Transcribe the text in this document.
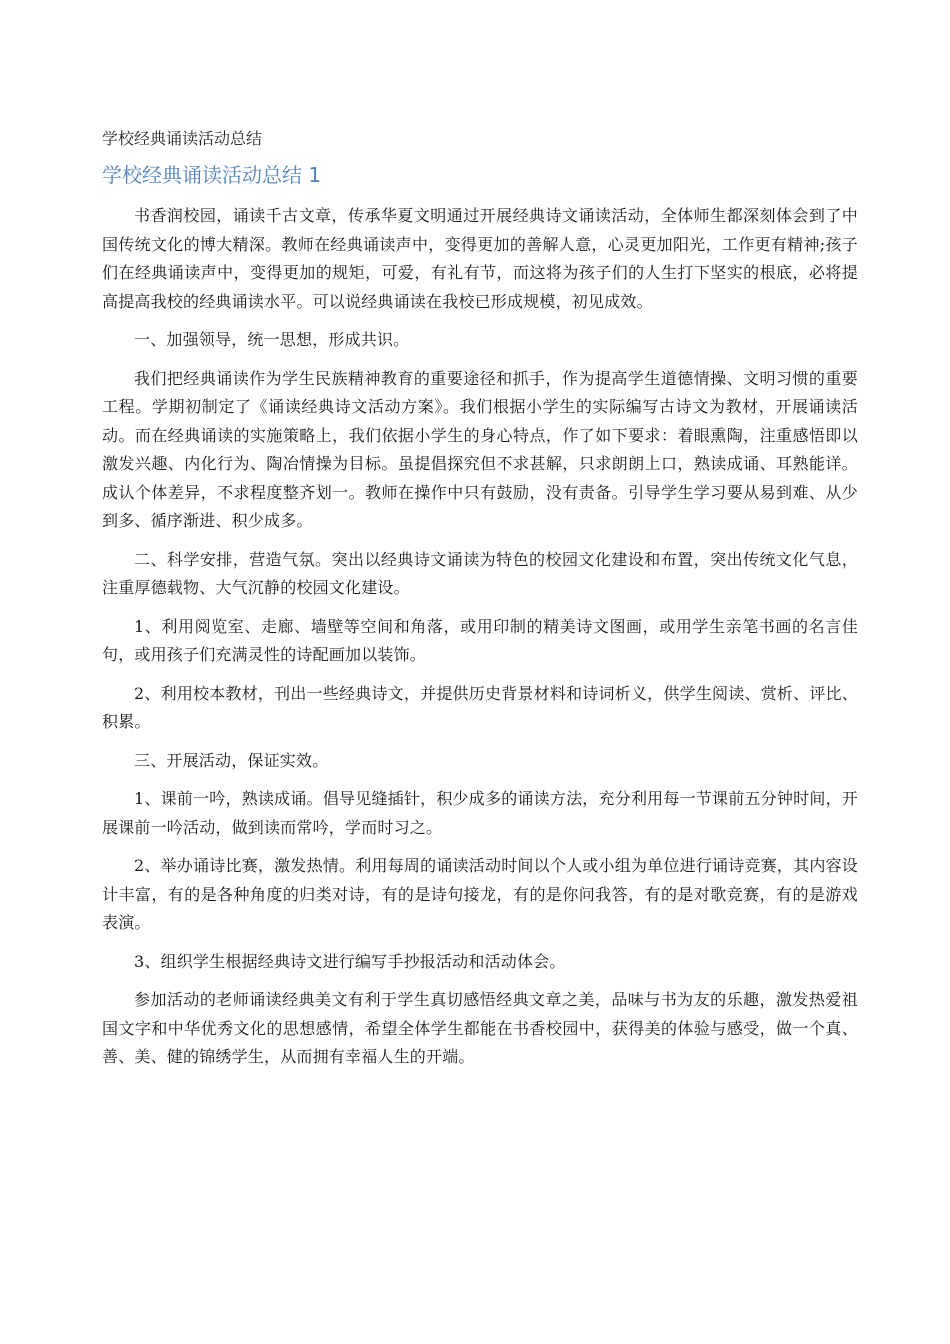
学校经典诵读活动总结
学校经典诵读活动总结 1

书香润校园，诵读千古文章，传承华夏文明通过开展经典诗文诵读活动，全体师生都深刻体会到了中国传统文化的博大精深。教师在经典诵读声中，变得更加的善解人意，心灵更加阳光，工作更有精神;孩子们在经典诵读声中，变得更加的规矩，可爱，有礼有节，而这将为孩子们的人生打下坚实的根底，必将提高提高我校的经典诵读水平。可以说经典诵读在我校已形成规模，初见成效。

一、加强领导，统一思想，形成共识。

我们把经典诵读作为学生民族精神教育的重要途径和抓手，作为提高学生道德情操、文明习惯的重要工程。学期初制定了《诵读经典诗文活动方案》。我们根据小学生的实际编写古诗文为教材，开展诵读活动。而在经典诵读的实施策略上，我们依据小学生的身心特点，作了如下要求：着眼熏陶，注重感悟即以激发兴趣、内化行为、陶冶情操为目标。虽提倡探究但不求甚解，只求朗朗上口，熟读成诵、耳熟能详。成认个体差异，不求程度整齐划一。教师在操作中只有鼓励，没有责备。引导学生学习要从易到难、从少到多、循序渐进、积少成多。

二、科学安排，营造气氛。突出以经典诗文诵读为特色的校园文化建设和布置，突出传统文化气息，注重厚德载物、大气沉静的校园文化建设。

1、利用阅览室、走廊、墙壁等空间和角落，或用印制的精美诗文图画，或用学生亲笔书画的名言佳句，或用孩子们充满灵性的诗配画加以装饰。

2、利用校本教材，刊出一些经典诗文，并提供历史背景材料和诗词析义，供学生阅读、赏析、评比、积累。

三、开展活动，保证实效。

1、课前一吟，熟读成诵。倡导见缝插针，积少成多的诵读方法，充分利用每一节课前五分钟时间，开展课前一吟活动，做到读而常吟，学而时习之。

2、举办诵诗比赛，激发热情。利用每周的诵读活动时间以个人或小组为单位进行诵诗竞赛，其内容设计丰富，有的是各种角度的归类对诗，有的是诗句接龙，有的是你问我答，有的是对歌竞赛，有的是游戏表演。

3、组织学生根据经典诗文进行编写手抄报活动和活动体会。

参加活动的老师诵读经典美文有利于学生真切感悟经典文章之美，品味与书为友的乐趣，激发热爱祖国文字和中华优秀文化的思想感情，希望全体学生都能在书香校园中，获得美的体验与感受，做一个真、善、美、健的锦绣学生，从而拥有幸福人生的开端。
